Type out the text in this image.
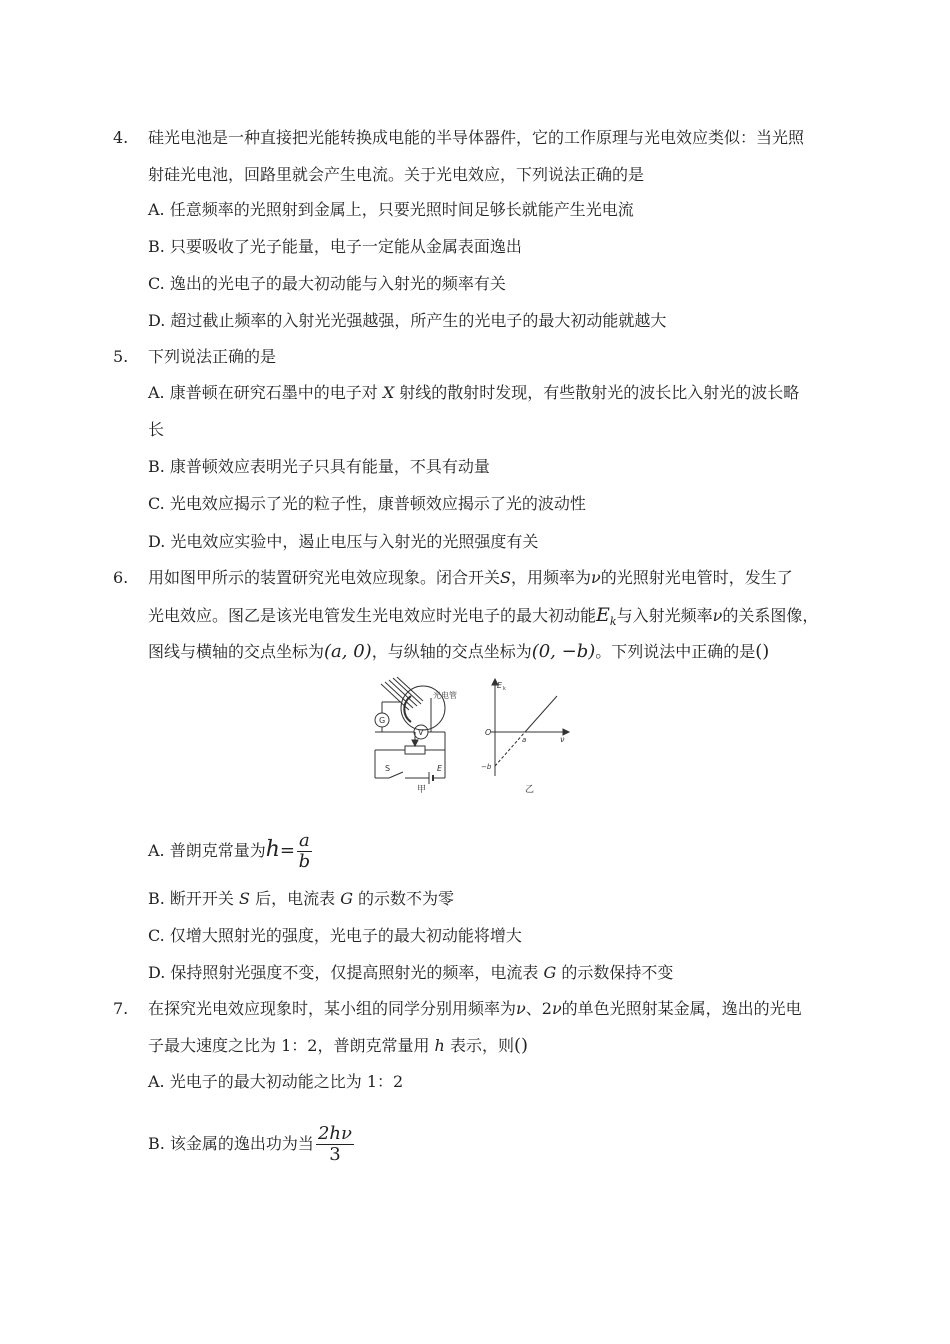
4. 硅光电池是一种直接把光能转换成电能的半导体器件，它的工作原理与光电效应类似：当光照
射硅光电池，回路里就会产生电流。关于光电效应，下列说法正确的是
A. 任意频率的光照射到金属上，只要光照时间足够长就能产生光电流
B. 只要吸收了光子能量，电子一定能从金属表面逸出
C. 逸出的光电子的最大初动能与入射光的频率有关
D. 超过截止频率的入射光光强越强，所产生的光电子的最大初动能就越大
5. 下列说法正确的是
A. 康普顿在研究石墨中的电子对 X 射线的散射时发现，有些散射光的波长比入射光的波长略
长
B. 康普顿效应表明光子只具有能量，不具有动量
C. 光电效应揭示了光的粒子性，康普顿效应揭示了光的波动性
D. 光电效应实验中，遏止电压与入射光的光照强度有关
6. 用如图甲所示的装置研究光电效应现象。闭合开关S，用频率为ν的光照射光电管时，发生了
光电效应。图乙是该光电管发生光电效应时光电子的最大初动能$E_k$与入射光频率ν的关系图像，
图线与横轴的交点坐标为(a, 0)，与纵轴的交点坐标为(0, −b)。下列说法中正确的是()
光电管
G
V
S	E
甲
E k
ν
O
a
−b
乙
A. 普朗克常量为$h= \frac{a}{b}$
B. 断开开关 S 后，电流表 G 的示数不为零
C. 仅增大照射光的强度，光电子的最大初动能将增大
D. 保持照射光强度不变，仅提高照射光的频率，电流表 G 的示数保持不变
7. 在探究光电效应现象时，某小组的同学分别用频率为ν、2ν的单色光照射某金属，逸出的光电
子最大速度之比为 1：2，普朗克常量用 h 表示，则()
A. 光电子的最大初动能之比为 1：2
B. 该金属的逸出功为当 $\frac{2h\nu}{3}$
